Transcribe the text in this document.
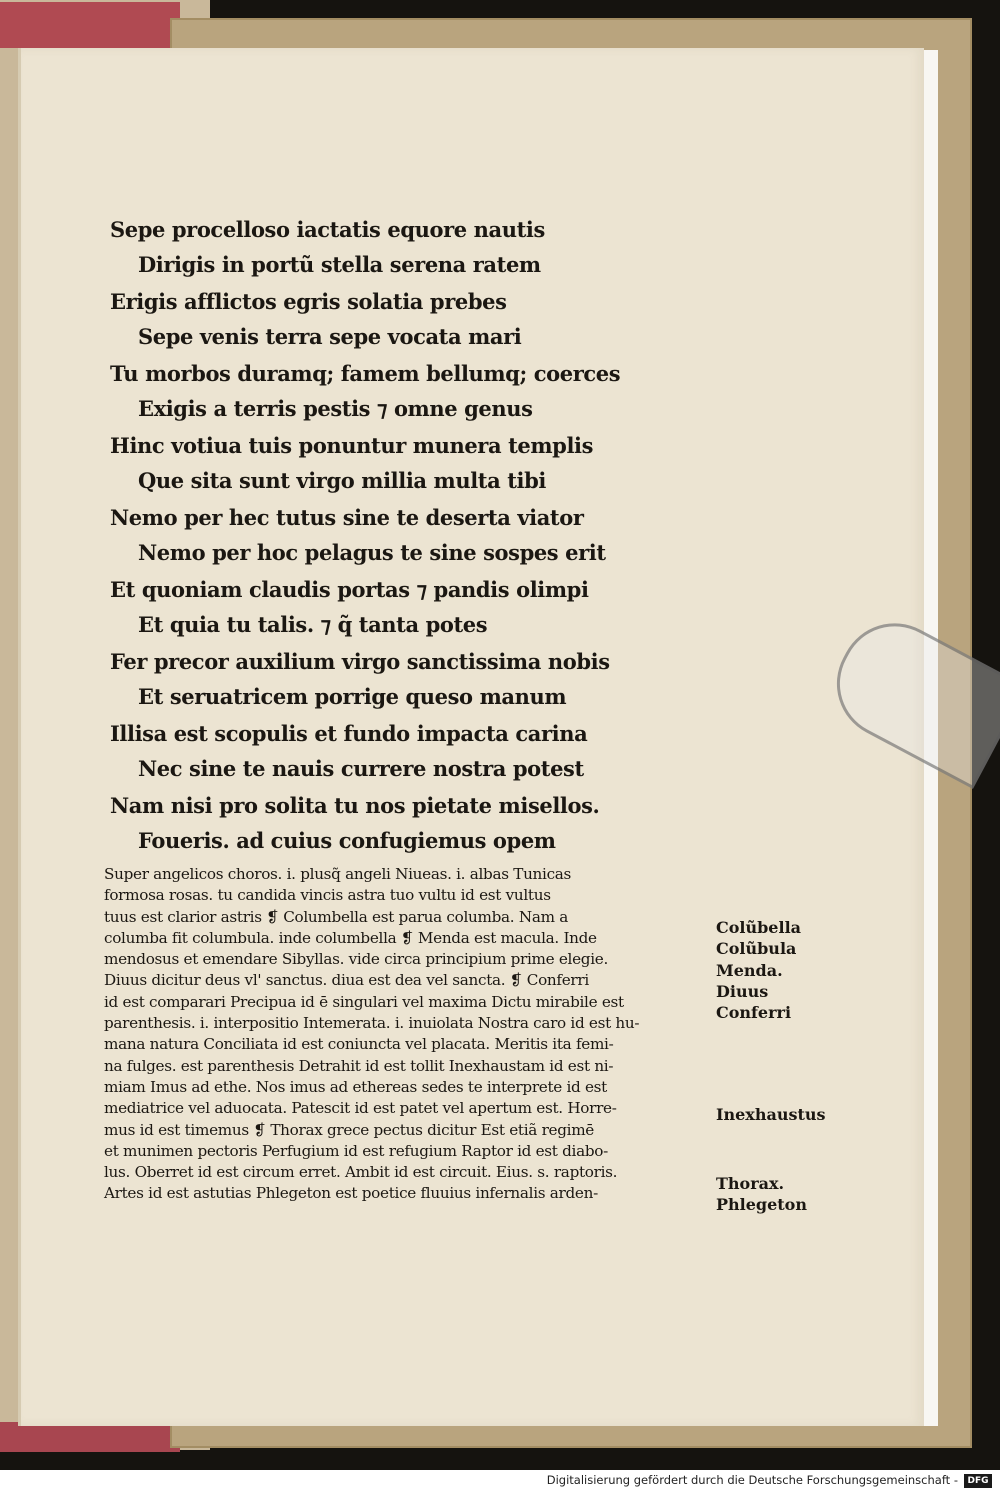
Sepe procelloso iactatis equore nautis
Dirigis in portũ stella serena ratem
Erigis afflictos egris solatia prebes
Sepe venis terra sepe vocata mari
Tu morbos duramq; famem bellumq; coerces
Exigis a terris pestis ⁊ omne genus
Hinc votiua tuis ponuntur munera templis
Que sita sunt virgo millia multa tibi
Nemo per hec tutus sine te deserta viator
Nemo per hoc pelagus te sine sospes erit
Et quoniam claudis portas ⁊ pandis olimpi
Et quia tu talis. ⁊ q̃ tanta potes
Fer precor auxilium virgo sanctissima nobis
Et seruatricem porrige queso manum
Illisa est scopulis et fundo impacta carina
Nec sine te nauis currere nostra potest
Nam nisi pro solita tu nos pietate misellos.
Foueris. ad cuius confugiemus opem
Super angelicos choros. i. plusq̃ angeli Niueas. i. albas Tunicas
formosa rosas. tu candida vincis astra tuo vultu id est vultus
tuus est clarior astris ❡ Columbella est parua columba. Nam a
columba fit columbula. inde columbella ❡ Menda est macula. Inde
mendosus et emendare Sibyllas. vide circa principium prime elegie.
Diuus dicitur deus vl' sanctus. diua est dea vel sancta. ❡ Conferri
id est comparari Precipua id ē singulari vel maxima Dictu mirabile est
parenthesis. i. interpositio Intemerata. i. inuiolata Nostra caro id est hu-
mana natura Conciliata id est coniuncta vel placata. Meritis ita femi-
na fulges. est parenthesis Detrahit id est tollit Inexhaustam id est ni-
miam Imus ad ethe. Nos imus ad ethereas sedes te interprete id est
mediatrice vel aduocata. Patescit id est patet vel apertum est. Horre-
mus id est timemus ❡ Thorax grece pectus dicitur Est etiã regimē
et munimen pectoris Perfugium id est refugium Raptor id est diabo-
lus. Oberret id est circum erret. Ambit id est circuit. Eius. s. raptoris.
Artes id est astutias Phlegeton est poetice fluuius infernalis arden-
Colũbella
Colũbula
Menda.
Diuus
Conferri
Inexhaustus
Thorax.
Phlegeton
Digitalisierung gefördert durch die Deutsche Forschungsgemeinschaft -	DFG
